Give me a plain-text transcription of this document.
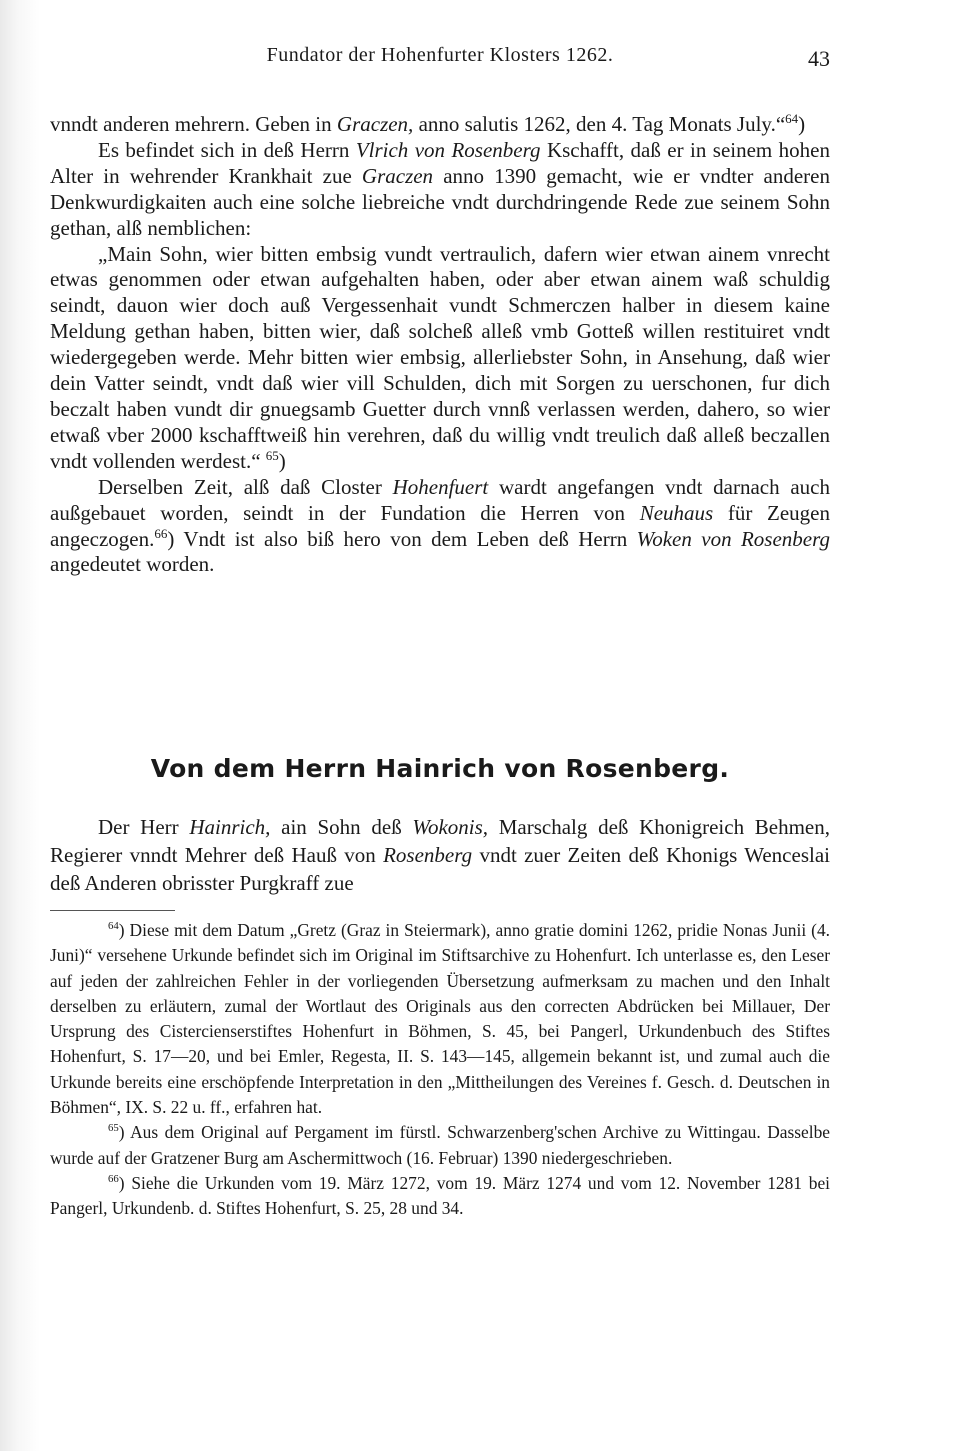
Fundator der Hohenfurter Klosters 1262.	43

vnndt anderen mehrern. Geben in Graczen, anno salutis 1262, den 4. Tag Monats July.“$^{64}$)

Es befindet sich in deß Herrn Vlrich von Rosenberg Kschafft, daß er in seinem hohen Alter in wehrender Krankhait zue Graczen anno 1390 gemacht, wie er vndter anderen Denkwurdigkaiten auch eine solche liebreiche vndt durchdringende Rede zue seinem Sohn gethan, alß nemblichen:

„Main Sohn, wier bitten embsig vundt vertraulich, dafern wier etwan ainem vnrecht etwas genommen oder etwan aufgehalten haben, oder aber etwan ainem waß schuldig seindt, dauon wier doch auß Vergessenhait vundt Schmerczen halber in diesem kaine Meldung gethan haben, bitten wier, daß solcheß alleß vmb Gotteß willen restituiret vndt wiedergegeben werde. Mehr bitten wier embsig, allerliebster Sohn, in Ansehung, daß wier dein Vatter seindt, vndt daß wier vill Schulden, dich mit Sorgen zu uerschonen, fur dich beczalt haben vundt dir gnuegsamb Guetter durch vnnß verlassen werden, dahero, so wier etwaß vber 2000 kschafftweiß hin verehren, daß du willig vndt treulich daß alleß beczallen vndt vollenden werdest.“ $^{65}$)

Derselben Zeit, alß daß Closter Hohenfuert wardt angefangen vndt darnach auch außgebauet worden, seindt in der Fundation die Herren von Neuhaus für Zeugen angeczogen.$^{66}$) Vndt ist also biß hero von dem Leben deß Herrn Woken von Rosenberg angedeutet worden.

Von dem Herrn Hainrich von Rosenberg.

Der Herr Hainrich, ain Sohn deß Wokonis, Marschalg deß Khonigreich Behmen, Regierer vnndt Mehrer deß Hauß von Rosenberg vndt zuer Zeiten deß Khonigs Wenceslai deß Anderen obrisster Purgkraff zue

$^{64}$) Diese mit dem Datum „Gretz (Graz in Steiermark), anno gratie domini 1262, pridie Nonas Junii (4. Juni)“ versehene Urkunde befindet sich im Original im Stiftsarchive zu Hohenfurt. Ich unterlasse es, den Leser auf jeden der zahlreichen Fehler in der vorliegenden Übersetzung aufmerksam zu machen und den Inhalt derselben zu erläutern, zumal der Wortlaut des Originals aus den correcten Abdrücken bei Millauer, Der Ursprung des Cistercienserstiftes Hohenfurt in Böhmen, S. 45, bei Pangerl, Urkundenbuch des Stiftes Hohenfurt, S. 17—20, und bei Emler, Regesta, II. S. 143—145, allgemein bekannt ist, und zumal auch die Urkunde bereits eine erschöpfende Interpretation in den „Mittheilungen des Vereines f. Gesch. d. Deutschen in Böhmen“, IX. S. 22 u. ff., erfahren hat.

$^{65}$) Aus dem Original auf Pergament im fürstl. Schwarzenberg'schen Archive zu Wittingau. Dasselbe wurde auf der Gratzener Burg am Aschermittwoch (16. Februar) 1390 niedergeschrieben.

$^{66}$) Siehe die Urkunden vom 19. März 1272, vom 19. März 1274 und vom 12. November 1281 bei Pangerl, Urkundenb. d. Stiftes Hohenfurt, S. 25, 28 und 34.
